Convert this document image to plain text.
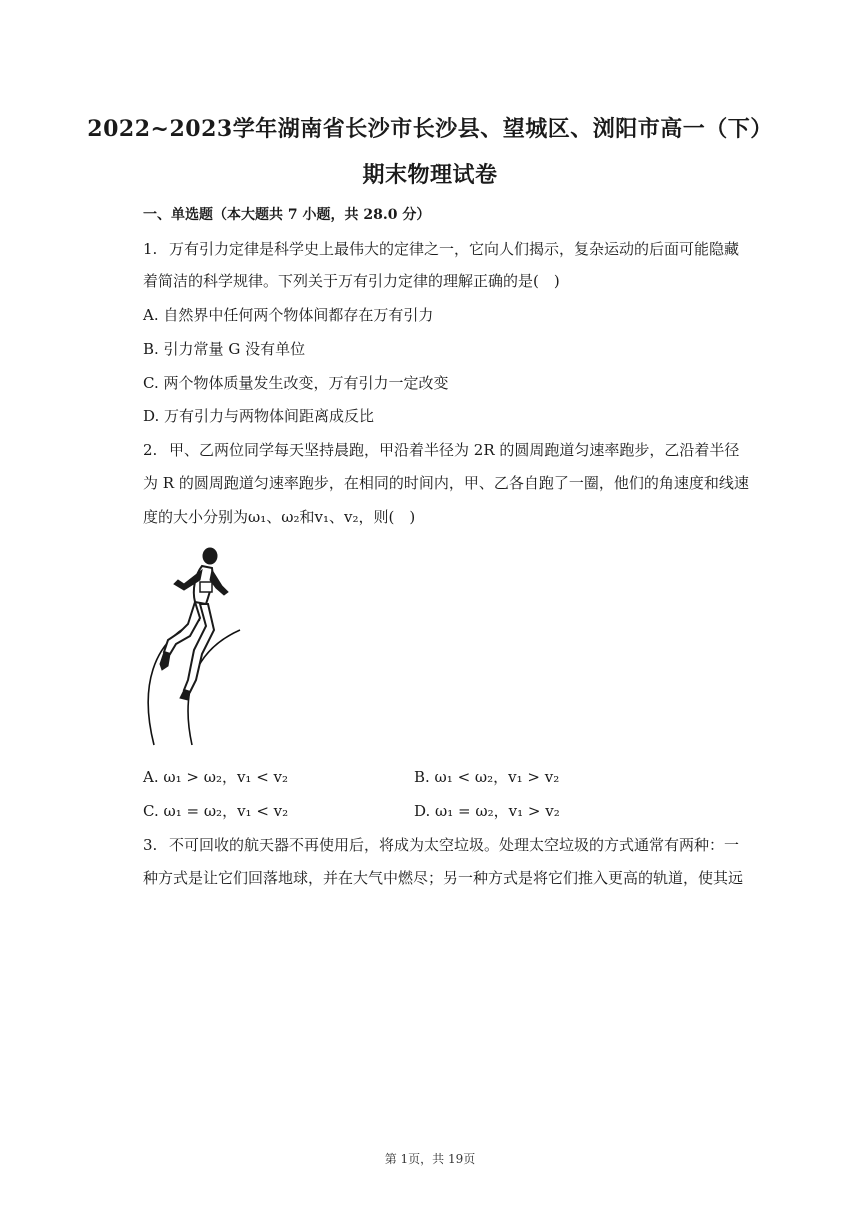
2022~2023学年湖南省长沙市长沙县、望城区、浏阳市高一（下）
期末物理试卷
一、单选题（本大题共 7 小题，共 28.0 分）
1. 万有引力定律是科学史上最伟大的定律之一，它向人们揭示，复杂运动的后面可能隐藏
着简洁的科学规律。下列关于万有引力定律的理解正确的是(　)
A. 自然界中任何两个物体间都存在万有引力
B. 引力常量 G 没有单位
C. 两个物体质量发生改变，万有引力一定改变
D. 万有引力与两物体间距离成反比
2. 甲、乙两位同学每天坚持晨跑，甲沿着半径为 2R 的圆周跑道匀速率跑步，乙沿着半径
为 R 的圆周跑道匀速率跑步，在相同的时间内，甲、乙各自跑了一圈，他们的角速度和线速
度的大小分别为ω₁、ω₂和v₁、v₂，则(　)
A. ω₁ > ω₂，v₁ < v₂	B. ω₁ < ω₂，v₁ > v₂
C. ω₁ = ω₂，v₁ < v₂	D. ω₁ = ω₂，v₁ > v₂
3. 不可回收的航天器不再使用后，将成为太空垃圾。处理太空垃圾的方式通常有两种：一
种方式是让它们回落地球，并在大气中燃尽；另一种方式是将它们推入更高的轨道，使其远
第 1页，共 19页
